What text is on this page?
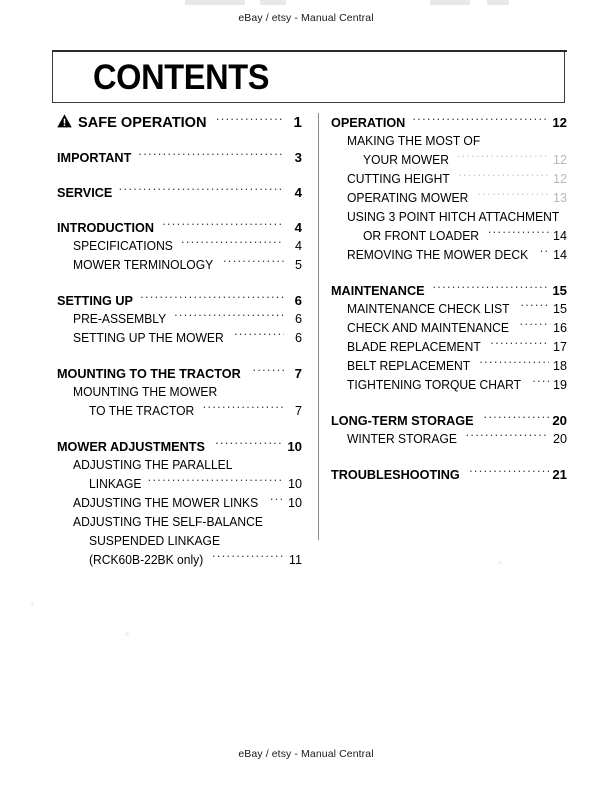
eBay / etsy - Manual Central
CONTENTS
SAFE OPERATION .....	1
IMPORTANT .....	3
SERVICE .....	4
INTRODUCTION .....	4
SPECIFICATIONS .....	4
MOWER TERMINOLOGY .....	5
SETTING UP .....	6
PRE-ASSEMBLY .....	6
SETTING UP THE MOWER .....	6
MOUNTING TO THE TRACTOR .....	7
MOUNTING THE MOWER
TO THE TRACTOR .....	7
MOWER ADJUSTMENTS .....	10
ADJUSTING THE PARALLEL
LINKAGE .....	10
ADJUSTING THE MOWER LINKS ..... 10
ADJUSTING THE SELF-BALANCE
SUSPENDED LINKAGE
(RCK60B-22BK only) .....	11
OPERATION .....	12
MAKING THE MOST OF
YOUR MOWER .....	12
CUTTING HEIGHT .....	12
OPERATING MOWER .....	13
USING 3 POINT HITCH ATTACHMENT
OR FRONT LOADER .....	14
REMOVING THE MOWER DECK ..... 14
MAINTENANCE .....	15
MAINTENANCE CHECK LIST .....	15
CHECK AND MAINTENANCE .....	16
BLADE REPLACEMENT .....	17
BELT REPLACEMENT .....	18
TIGHTENING TORQUE CHART .....	19
LONG-TERM STORAGE .....	20
WINTER STORAGE .....	20
TROUBLESHOOTING .....	21
eBay / etsy - Manual Central
